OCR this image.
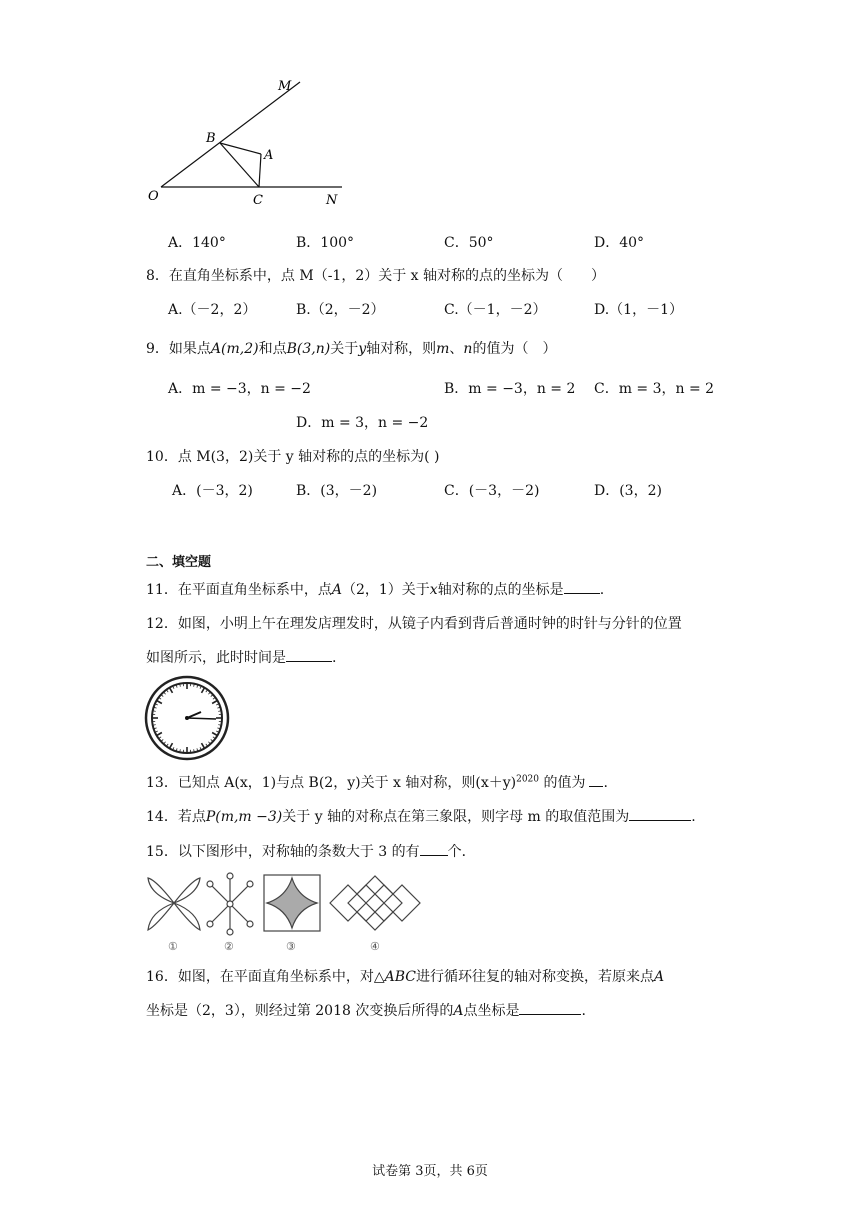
M
B
A
O	C	N
A．140°	B．100°	C．50°	D．40°
8．在直角坐标系中，点 M（-1，2）关于 x 轴对称的点的坐标为（　　）
A.（－2，2）	B.（2，－2）	C.（－1，－2）	D.（1，－1）
9．如果点A(m,2)和点B(3,n)关于y轴对称，则m、n的值为（　）
A．m = −3，n = −2	B．m = −3，n = 2 C．m = 3，n = 2
D．m = 3，n = −2
10．点 M(3，2)关于 y 轴对称的点的坐标为( )
A．(－3，2)	B．(3，－2)	C．(－3，－2)	D．(3，2)
二、填空题
11．在平面直角坐标系中，点A（2，1）关于x轴对称的点的坐标是	.
12．如图，小明上午在理发店理发时，从镜子内看到背后普通时钟的时针与分针的位置
如图所示，此时时间是	.
13．已知点 A(x，1)与点 B(2，y)关于 x 轴对称，则$(x+y)^{2020}$ 的值为 .
14．若点P(m,m −3)关于 y 轴的对称点在第三象限，则字母 m 的取值范围为	.
15．以下图形中，对称轴的条数大于 3 的有 个．
①	②	③	④
16．如图，在平面直角坐标系中，对△ABC进行循环往复的轴对称变换，若原来点A
坐标是（2，3），则经过第 2018 次变换后所得的A点坐标是	.
试卷第 3页，共 6页
